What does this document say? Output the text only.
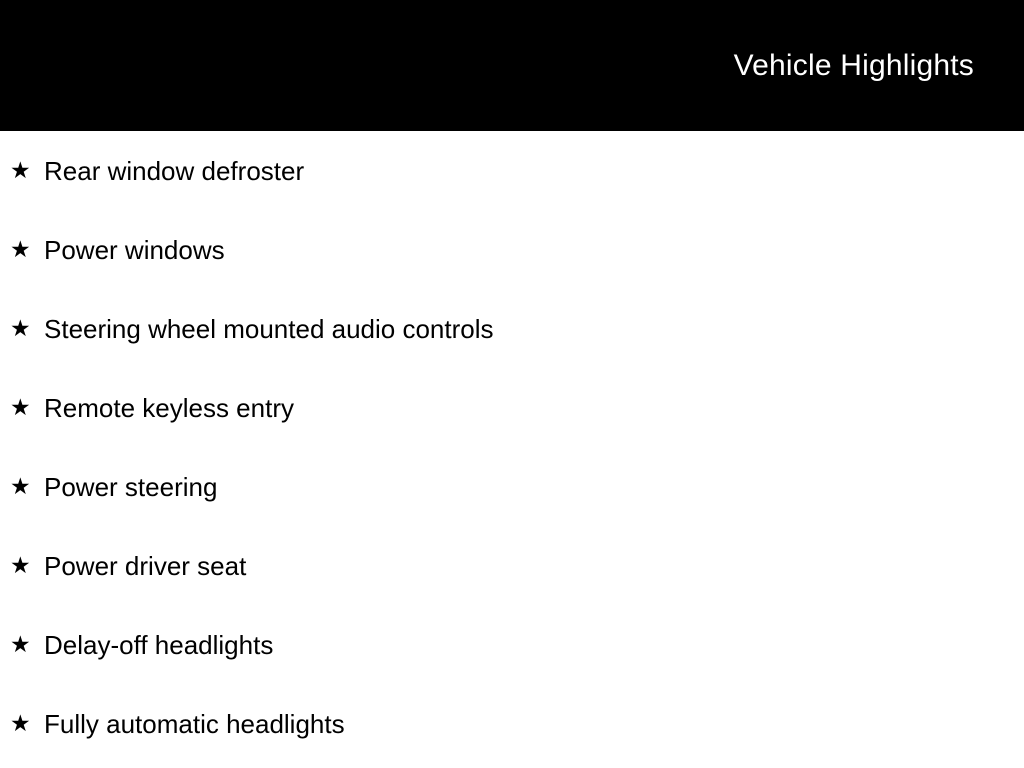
Vehicle Highlights
★ Rear window defroster
★ Power windows
★ Steering wheel mounted audio controls
★ Remote keyless entry
★ Power steering
★ Power driver seat
★ Delay-off headlights
★ Fully automatic headlights
